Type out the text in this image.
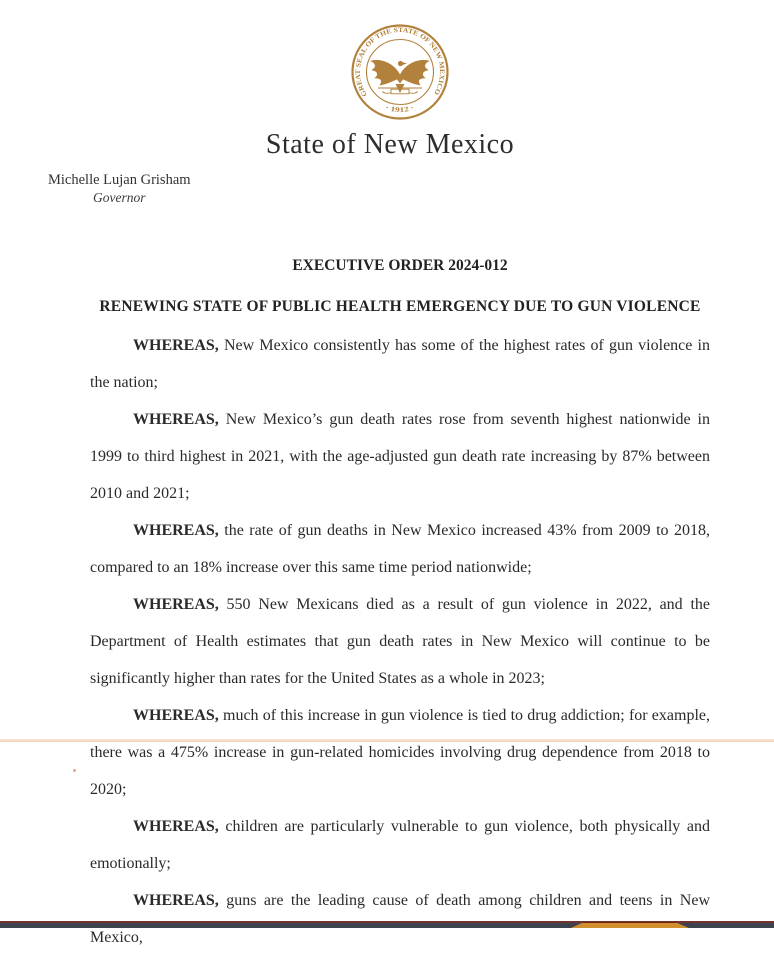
GREAT SEAL OF THE STATE OF NEW MEXICO
· 1912 ·
State of New Mexico
Michelle Lujan Grisham
Governor
EXECUTIVE ORDER 2024-012
RENEWING STATE OF PUBLIC HEALTH EMERGENCY DUE TO GUN VIOLENCE

WHEREAS, New Mexico consistently has some of the highest rates of gun violence in the nation;

WHEREAS, New Mexico’s gun death rates rose from seventh highest nationwide in 1999 to third highest in 2021, with the age-adjusted gun death rate increasing by 87% between 2010 and 2021;

WHEREAS, the rate of gun deaths in New Mexico increased 43% from 2009 to 2018, compared to an 18% increase over this same time period nationwide;

WHEREAS, 550 New Mexicans died as a result of gun violence in 2022, and the Department of Health estimates that gun death rates in New Mexico will continue to be significantly higher than rates for the United States as a whole in 2023;

WHEREAS, much of this increase in gun violence is tied to drug addiction; for example, there was a 475% increase in gun-related homicides involving drug dependence from 2018 to 2020;

WHEREAS, children are particularly vulnerable to gun violence, both physically and emotionally;

WHEREAS, guns are the leading cause of death among children and teens in New Mexico,
